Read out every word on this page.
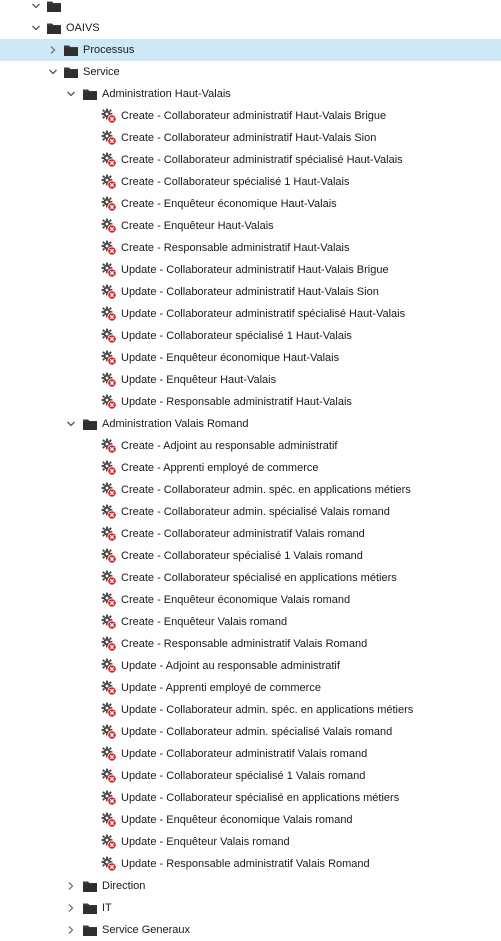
OAIVS
Processus
Service
Administration Haut-Valais
Create - Collaborateur administratif Haut-Valais Brigue
Create - Collaborateur administratif Haut-Valais Sion
Create - Collaborateur administratif spécialisé Haut-Valais
Create - Collaborateur spécialisé 1 Haut-Valais
Create - Enquêteur économique Haut-Valais
Create - Enquêteur Haut-Valais
Create - Responsable administratif Haut-Valais
Update - Collaborateur administratif Haut-Valais Brigue
Update - Collaborateur administratif Haut-Valais Sion
Update - Collaborateur administratif spécialisé Haut-Valais
Update - Collaborateur spécialisé 1 Haut-Valais
Update - Enquêteur économique Haut-Valais
Update - Enquêteur Haut-Valais
Update - Responsable administratif Haut-Valais
Administration Valais Romand
Create - Adjoint au responsable administratif
Create - Apprenti employé de commerce
Create - Collaborateur admin. spéc. en applications métiers
Create - Collaborateur admin. spécialisé Valais romand
Create - Collaborateur administratif Valais romand
Create - Collaborateur spécialisé 1 Valais romand
Create - Collaborateur spécialisé en applications métiers
Create - Enquêteur économique Valais romand
Create - Enquêteur Valais romand
Create - Responsable administratif Valais Romand
Update - Adjoint au responsable administratif
Update - Apprenti employé de commerce
Update - Collaborateur admin. spéc. en applications métiers
Update - Collaborateur admin. spécialisé Valais romand
Update - Collaborateur administratif Valais romand
Update - Collaborateur spécialisé 1 Valais romand
Update - Collaborateur spécialisé en applications métiers
Update - Enquêteur économique Valais romand
Update - Enquêteur Valais romand
Update - Responsable administratif Valais Romand
Direction
IT
Service Generaux
